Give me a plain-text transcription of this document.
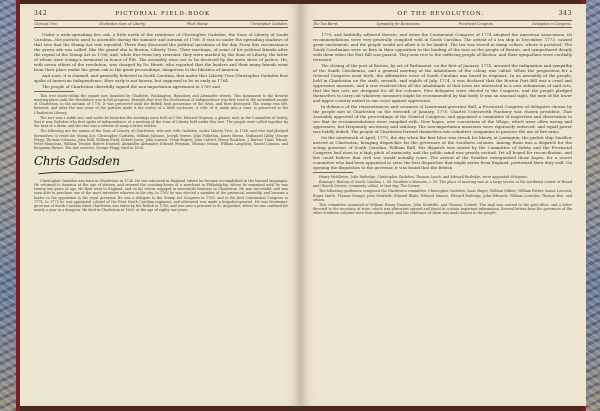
342	PICTORIAL FIELD-BOOK
Glorious Trio.	Charleston Sons of Liberty.	Fitch Statue.	Christopher Gadsden.

Under a wide-spreading live oak, a little north of the residence of Christopher Gadsden, the Sons of Liberty of South Carolina—the patriots used to assemble during the summer and autumn of 1766. It was so under the spreading shadows of that tree that the Stamp Act was repealed. There they discussed the political questions of the day. From this circumstance the green oak was called, like the grand elm in Boston, Liberty Tree. Their meetings, of some of his political friends after the repeal of the Stamp Act in 1766; and, while free from tory restraint, they were marked by the Sons of Liberty, the latter of whom were voting a memorial in honor of Pitt. The assembly were not to be deceived by the mere show of justice. He, with seven others of the revolution, was charged by Dr. Hewit, who reported that the leaders and their many friends went from their place under the great oak to the great proceedings, dangerous to the liberties of America.

And soon, it is claimed, and generally believed in South Carolina, that under that Liberty Tree Christopher Gadsden first spoke of American Independence. How early is not known, but supposed to be as early as 1764.

The people of Charleston cheerfully signed the non-importation agreement in 1769 and

This tree stood within the square now bounded by Charlotte, Washington, Boundary, and Alexander streets. This monument to the favorite meeting-place until the Revolution was in full progress. Beneath that tree the Declaration of Independence was first read to the assembled people of Charleston, in the autumn of 1776. It was preserved until the British took possession of the town, and then destroyed. The stump was left, however, and after the war some of the patriots made it the centre of a little enclosure. A relic of it, made into a cane, is preserved in the Charleston Library.

The tree was a noble one, and under its branches the meetings were held in 1766. Edward Weyman, a glazier, said, in the Committee of Safety, that it was Gadsden who first spoke of independence, at a meeting of the Sons of Liberty held under this tree. The people were called together by the beat of a drum, and the tree was a witness of many a brave resolve.

The following are the names of the Sons of Liberty of Charleston, who met with Gadsden, under Liberty Tree, in 1766, and who had pledged themselves to resist the Stamp Act: Christopher Gadsden, William Johnson, Joseph Verree, John Fullerton, James Brown, Nathaniel Libby, George Flagg, Thomas Coleman, John Hall, William Field, Robert Jones, John Lawton, Uriah Rogers, John Calvert, Henry Bookless, J. Barlow, Tunis Tebout, Peter Munclean, William Trusler, Robert Howard, Alexander Alexander, Edward Weyman, Thomas Swann, William Laughton, Daniel Cannon, and Benjamin Hawes. The last survivor, George Flagg, died in 1824.

Chris Gadsden

Christopher Gadsden was born in Charleston in 1724. He was educated in England, where he became accomplished in the learned languages. He returned to America at the age of sixteen, and entered the counting-house of a merchant in Philadelphia, where he remained until he was twenty-one years of age. He then went to England, and on his return engaged in mercantile business in Charleston. He was successful, and was soon able to purchase one of the most extensive wharves in the city. In 1763 he was elected a member of the provincial assembly, and became a leader in the opposition to the royal governor. He was a delegate to the Stamp Act Congress in 1765, and to the first Continental Congress in 1774. In 1775 he was appointed colonel of the First South Carolina regiment, and afterward was made a brigadier-general. He was lieutenant-governor of South Carolina when Charleston was taken by the British in 1780, and was sent a prisoner to St. Augustine, where he was confined for nearly a year in a dungeon. He died in Charleston in 1805, at the age of eighty-one years.

OF THE REVOLUTION.	343
The Tea Burnt.	Sympathy for Bostonians.	Provincial Congress.	Delegates to Congress.

1770, and faithfully adhered thereto; and when the Continental Congress of 1774 adopted the American Association, its recommendations were very generally complied with in South Carolina. The arrival of a tea ship in December, 1773, caused great excitement, and the people would not allow it to be landed. The tea was stored in damp cellars, where it perished. The South Carolinians were as firm in their opposition to the landing of the teas as the people of Boston, and sympathized deeply with them when the Port Bill was passed. They sent rice to the suffering people of Boston, and their sympathies were cordially returned.

The closing of the port of Boston, by act of Parliament, on the first of January, 1774, aroused the indignation and sympathy of the South Carolinians, and a general meeting of the inhabitants of the colony was called. When the proposition for a General Congress went forth, the affirmative voice of South Carolina was heard in response. In an assembly of the people, held in Charleston on the sixth, seventh, and eighth of July, 1774, it was declared that the Boston Port Bill was a cruel and oppressive measure, and it was resolved that all the inhabitants of that town are interested in a new submission of said acts, that the late acts are designed for all the colonies. Five delegates were elected to the Congress, and the people pledged themselves to carry out whatever measures might be recommended by that body. It was an unusual sight, the men of the lower and upper country united in one voice against oppression.

In defiance of the remonstrances and censures of Lieutenant-governor Bull, a Provincial Congress of delegates chosen by the people met at Charleston on the eleventh of January, 1775. Charles Cotesworth Pinckney was chosen president. That Assembly approved of the proceedings of the General Congress, and appointed a committee of inspection and observation to see that its recommendations were complied with. New hopes, new convictions of the Whigs, which were often wrong and oppressive, but frequently necessary and salutary. The non-importation measures were rigorously enforced, and equal power was boldly defied. The people of Charleston formed themselves into volunteer companies to practice the use of fire-arms.

On the nineteenth of April, 1775, the day when the first blow was struck for liberty at Lexington, the packet ship Swallow arrived at Charleston, bringing dispatches for the governors of the Southern colonies. Among them was a dispatch for the acting governor of South Carolina, William Bull. His dispatch was seized by the Committee of Safety and the Provincial Congress had risen to a high pitch of animosity, and the public mind was greatly excited. Yet all hoped for reconciliation, and few could believe that civil war would actually come. The arrival of the Swallow extinguished those hopes, for a secret committee who had been appointed to seize the first dispatches that might arrive from England, performed their duty well. On opening the dispatches to the governor, it was found that the British

Henry Middleton, John Rutledge, Christopher Gadsden, Thomas Lynch, and Edward Rutledge, were appointed delegates.

Ramsay's History of South Carolina, i. 84. Moultrie's Memoirs, i. 10. The place of meeting was at a large tavern in the northeast corner of Broad and Church Streets, commonly called, at that day, The Corner.

The following gentlemen composed the Charleston committee: Christopher Gadsden, Isaac Huger, William Gibbes, William Parker, Aaron Loocock, Roger Smith, Thomas Savage, John Neufville, Edward Blake, Edward Simons, Edward Rutledge, John Edwards, William Lowndes, Thomas Bee, and others.

This committee consisted of William Henry Drayton, John Neufville, and Thomas Corbett. The mail was carried to the post-office, and a letter directed to the secretary of state, which was afterward opened and found to contain important information. Several letters from the governors of the other Southern colonies were thus intercepted, and the substance of them was made known to the people.
